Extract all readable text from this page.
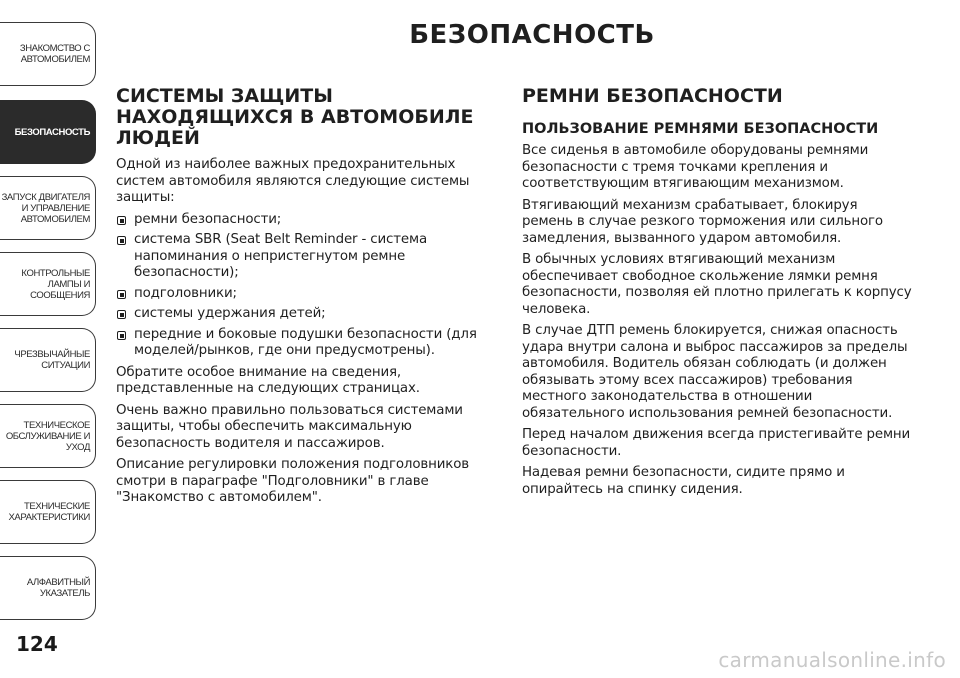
ЗНАКОМСТВО С
АВТОМОБИЛЕМ
БЕЗОПАСНОСТЬ
ЗАПУСК ДВИГАТЕЛЯ
И УПРАВЛЕНИЕ
АВТОМОБИЛЕМ
КОНТРОЛЬНЫЕ
ЛАМПЫ И
СООБЩЕНИЯ
ЧРЕЗВЫЧАЙНЫЕ
СИТУАЦИИ
ТЕХНИЧЕСКОЕ
ОБСЛУЖИВАНИЕ И
УХОД
ТЕХНИЧЕСКИЕ
ХАРАКТЕРИСТИКИ
АЛФАВИТНЫЙ
УКАЗАТЕЛЬ
124
БЕЗОПАСНОСТЬ
СИСТЕМЫ ЗАЩИТЫ НАХОДЯЩИХСЯ В АВТОМОБИЛЕ ЛЮДЕЙ

Одной из наиболее важных предохранительных систем автомобиля являются следующие системы защиты:

ремни безопасности;
система SBR (Seat Belt Reminder - система напоминания о непристегнутом ремне безопасности);
подголовники;
системы удержания детей;
передние и боковые подушки безопасности (для моделей/рынков, где они предусмотрены).

Обратите особое внимание на сведения, представленные на следующих страницах.

Очень важно правильно пользоваться системами защиты, чтобы обеспечить максимальную безопасность водителя и пассажиров.

Описание регулировки положения подголовников смотри в параграфе "Подголовники" в главе "Знакомство с автомобилем".

РЕМНИ БЕЗОПАСНОСТИ
ПОЛЬЗОВАНИЕ РЕМНЯМИ БЕЗОПАСНОСТИ

Все сиденья в автомобиле оборудованы ремнями безопасности с тремя точками крепления и соответствующим втягивающим механизмом.

Втягивающий механизм срабатывает, блокируя ремень в случае резкого торможения или сильного замедления, вызванного ударом автомобиля.

В обычных условиях втягивающий механизм обеспечивает свободное скольжение лямки ремня безопасности, позволяя ей плотно прилегать к корпусу человека.

В случае ДТП ремень блокируется, снижая опасность удара внутри салона и выброс пассажиров за пределы автомобиля. Водитель обязан соблюдать (и должен обязывать этому всех пассажиров) требования местного законодательства в отношении обязательного использования ремней безопасности.

Перед началом движения всегда пристегивайте ремни безопасности.

Надевая ремни безопасности, сидите прямо и опирайтесь на спинку сидения.

carmanualsonline.info
